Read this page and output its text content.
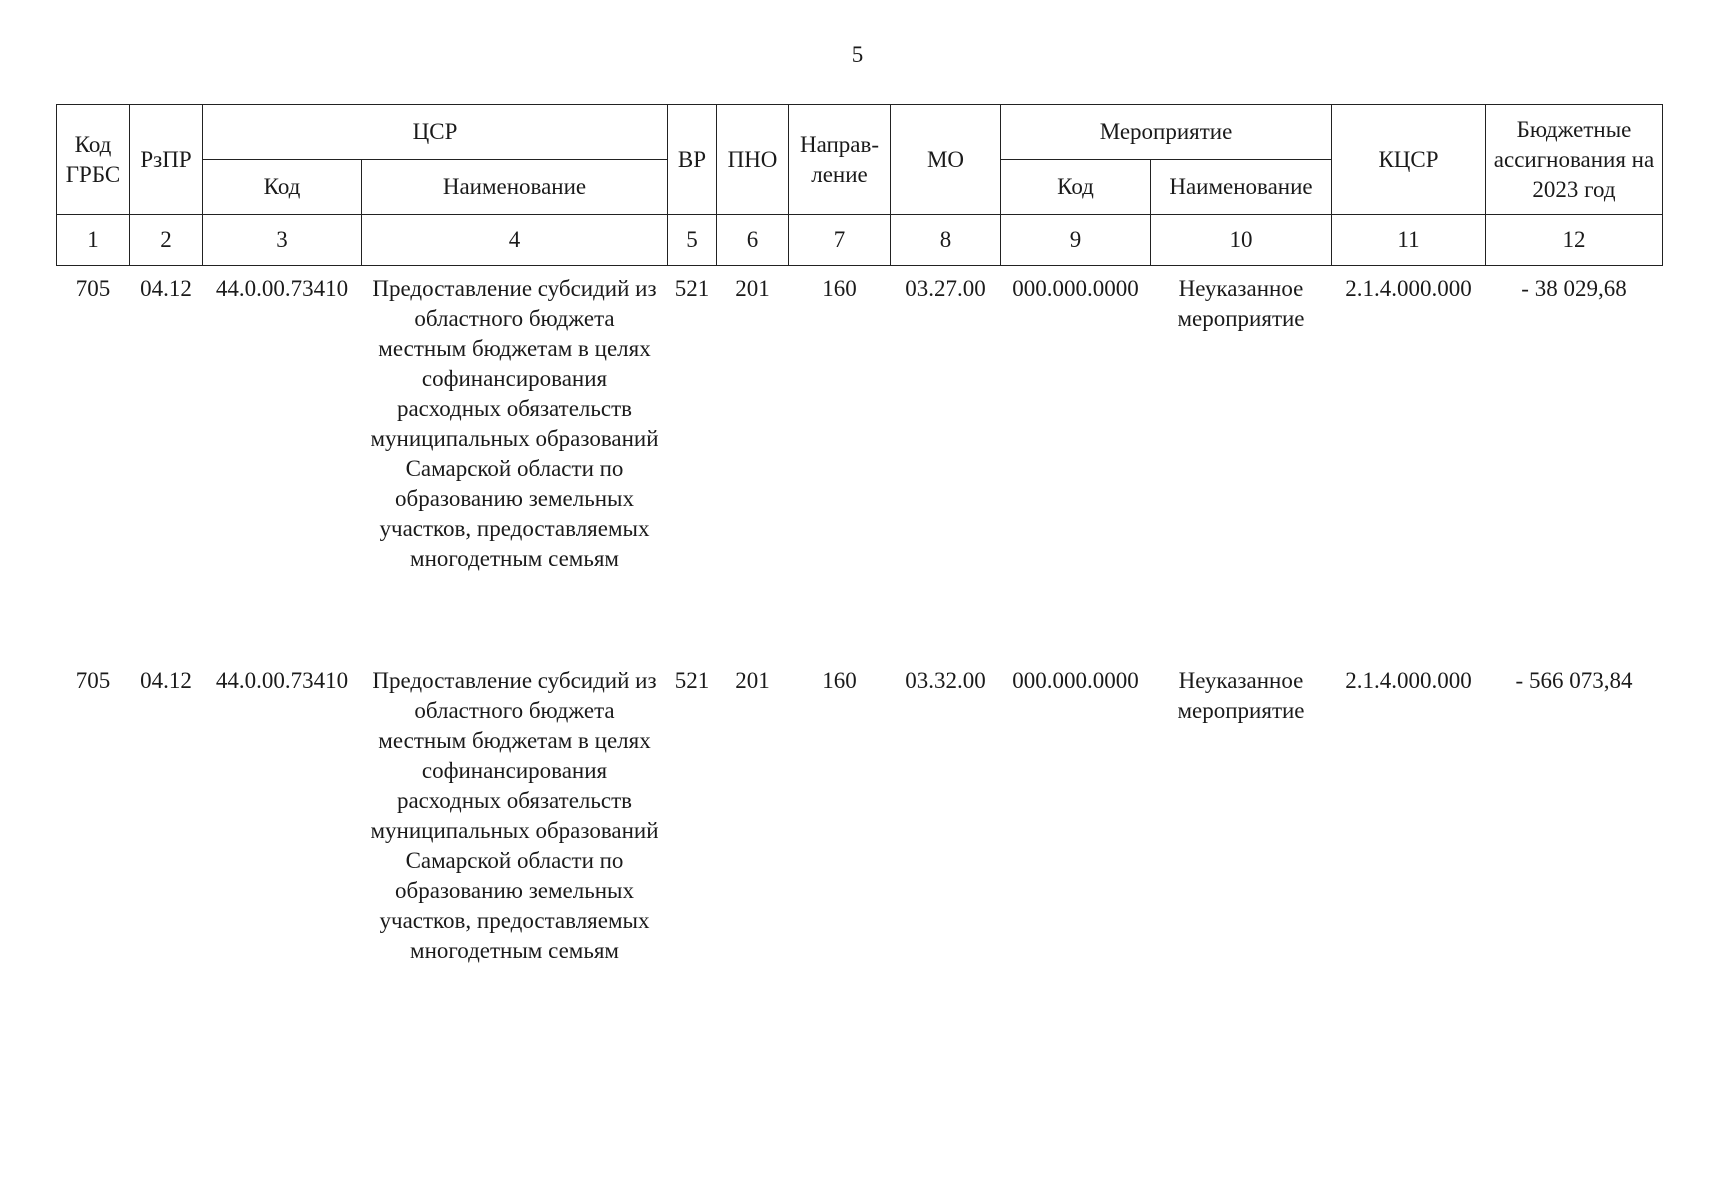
5
Код ГРБС	РзПР	ЦСР		ВР	ПНО	Направ-ление	МО	Мероприятие		КЦСР	Бюджетные ассигнования на 2023 год
		Код	Наименование					Код	Наименование		
1	2	3	4	5	6	7	8	9	10	11	12
705	04.12	44.0.00.73410	Предоставление субсидий из областного бюджета местным бюджетам в целях софинансирования расходных обязательств муниципальных образований Самарской области по образованию земельных участков, предоставляемых многодетным семьям	521	201	160	03.27.00	000.000.0000	Неуказанное мероприятие	2.1.4.000.000	- 38 029,68
705	04.12	44.0.00.73410	Предоставление субсидий из областного бюджета местным бюджетам в целях софинансирования расходных обязательств муниципальных образований Самарской области по образованию земельных участков, предоставляемых многодетным семьям	521	201	160	03.32.00	000.000.0000	Неуказанное мероприятие	2.1.4.000.000	- 566 073,84
